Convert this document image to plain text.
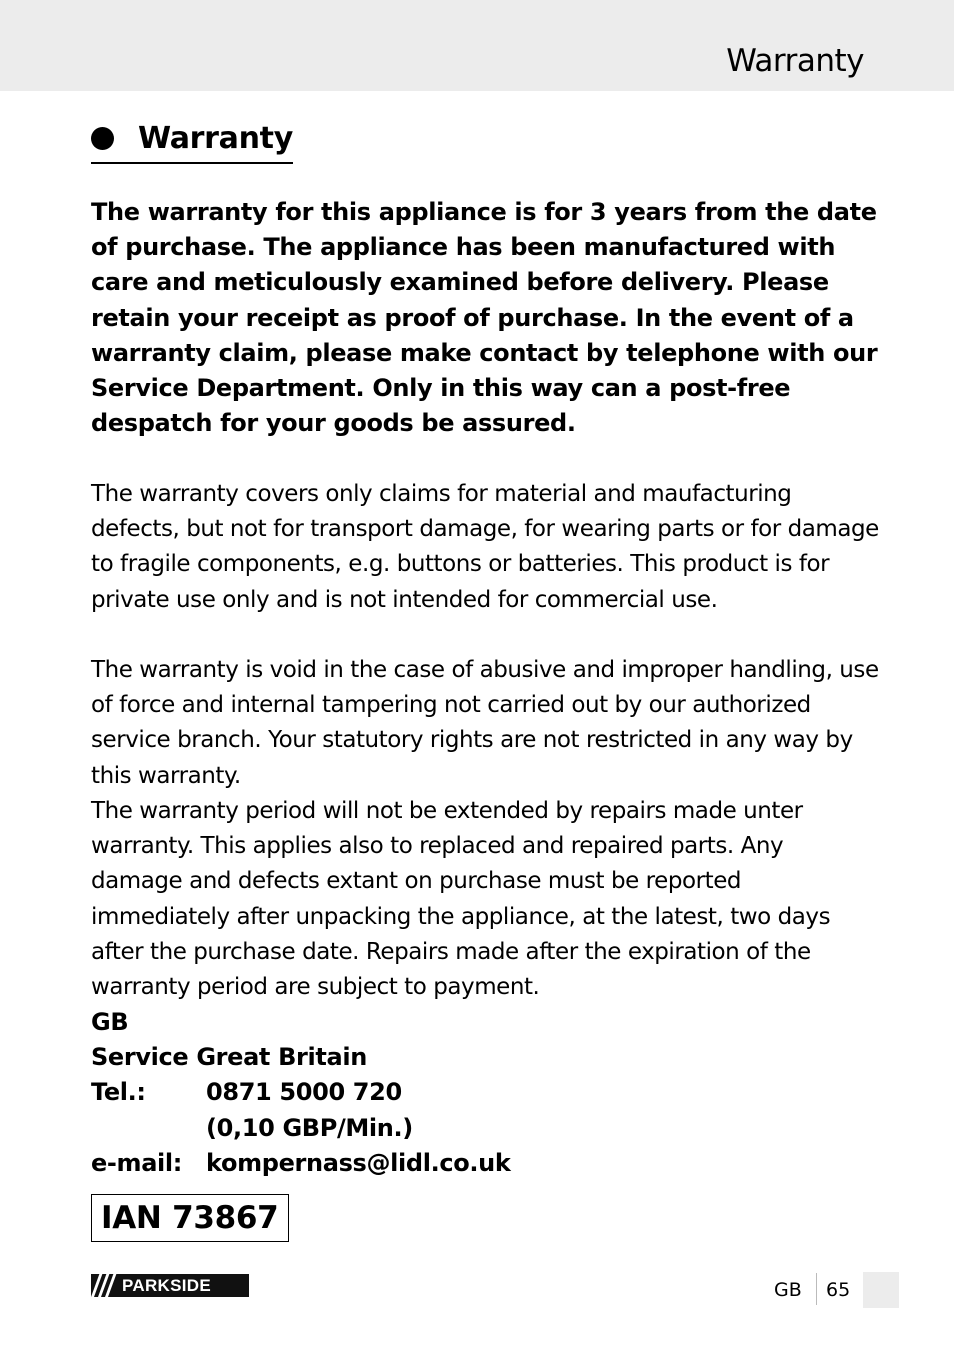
Warranty
Warranty

The warranty for this appliance is for 3 years from the date of purchase. The appliance has been manufactured with care and meticulously examined before delivery. Please retain your receipt as proof of purchase. In the event of a warranty claim, please make contact by telephone with our Service Department. Only in this way can a post-free despatch for your goods be assured.

The warranty covers only claims for material and maufacturing defects, but not for transport damage, for wearing parts or for damage to fragile components, e.g. buttons or batteries. This product is for private use only and is not intended for commercial use.

The warranty is void in the case of abusive and improper handling, use of force and internal tampering not carried out by our authorized service branch. Your statutory rights are not restricted in any way by this warranty.

The warranty period will not be extended by repairs made unter warranty. This applies also to replaced and repaired parts. Any damage and defects extant on purchase must be reported immediately after unpacking the appliance, at the latest, two days after the purchase date. Repairs made after the expiration of the warranty period are subject to payment.

GB
Service Great Britain
Tel.:	0871 5000 720
(0,10 GBP/Min.)
e-mail: kompernass@lidl.co.uk
IAN 73867
PARKSIDE	GB 65
